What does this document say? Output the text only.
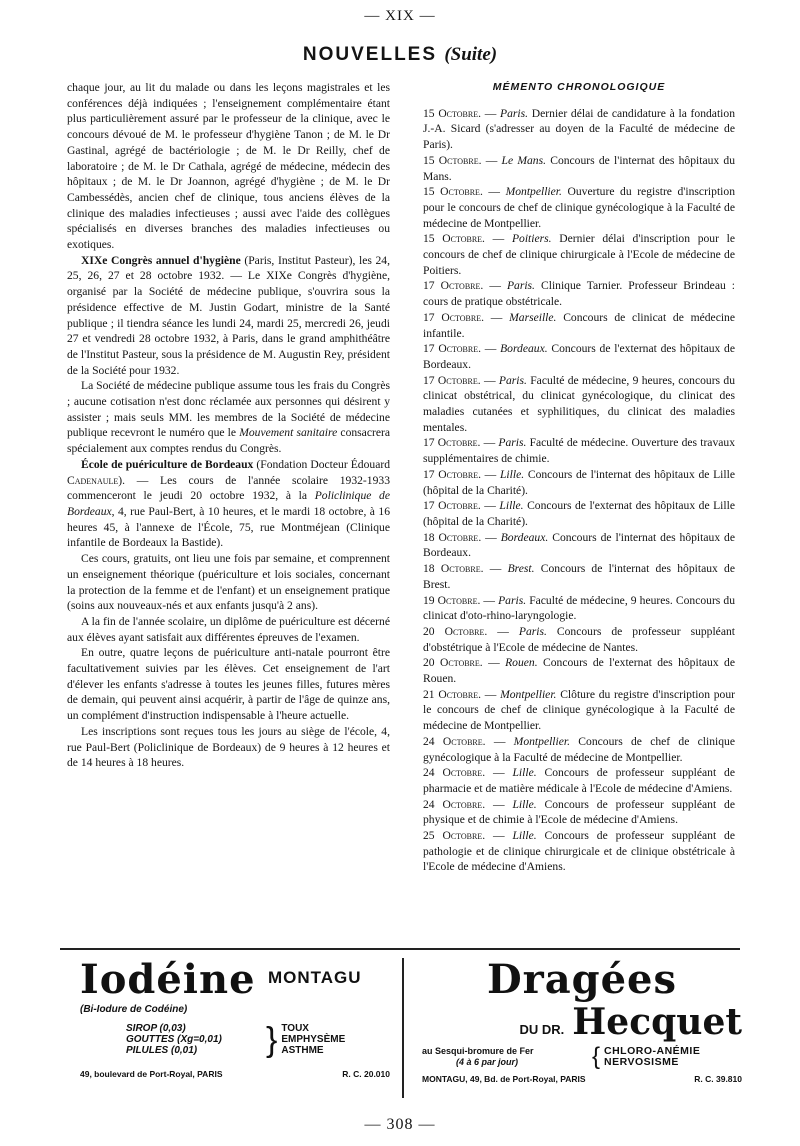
— XIX —
NOUVELLES (Suite)

chaque jour, au lit du malade ou dans les leçons magistrales et les conférences déjà indiquées ; l'enseignement complémentaire étant plus particulièrement assuré par le professeur de la clinique, avec le concours dévoué de M. le professeur d'hygiène Tanon ; de M. le Dr Gastinal, agrégé de bactériologie ; de M. le Dr Reilly, chef de laboratoire ; de M. le Dr Cathala, agrégé de médecine, médecin des hôpitaux ; de M. le Dr Joannon, agrégé d'hygiène ; de M. le Dr Cambessédès, ancien chef de clinique, tous anciens élèves de la clinique des maladies infectieuses ; aussi avec l'aide des collègues spécialisés en diverses branches des maladies infectieuses ou exotiques.

XIXe Congrès annuel d'hygiène (Paris, Institut Pasteur), les 24, 25, 26, 27 et 28 octobre 1932. — Le XIXe Congrès d'hygiène, organisé par la Société de médecine publique, s'ouvrira sous la présidence effective de M. Justin Godart, ministre de la Santé publique ; il tiendra séance les lundi 24, mardi 25, mercredi 26, jeudi 27 et vendredi 28 octobre 1932, à Paris, dans le grand amphithéâtre de l'Institut Pasteur, sous la présidence de M. Augustin Rey, président de la Société pour 1932.

La Société de médecine publique assume tous les frais du Congrès ; aucune cotisation n'est donc réclamée aux personnes qui désirent y assister ; mais seuls MM. les membres de la Société de médecine publique recevront le numéro que le Mouvement sanitaire consacrera spécialement aux comptes rendus du Congrès.

École de puériculture de Bordeaux (Fondation Docteur Édouard Cadenaule). — Les cours de l'année scolaire 1932-1933 commenceront le jeudi 20 octobre 1932, à la Policlinique de Bordeaux, 4, rue Paul-Bert, à 10 heures, et le mardi 18 octobre, à 16 heures 45, à l'annexe de l'École, 75, rue Montméjean (Clinique infantile de Bordeaux la Bastide).

Ces cours, gratuits, ont lieu une fois par semaine, et comprennent un enseignement théorique (puériculture et lois sociales, concernant la protection de la femme et de l'enfant) et un enseignement pratique (soins aux nouveaux-nés et aux enfants jusqu'à 2 ans).

A la fin de l'année scolaire, un diplôme de puériculture est décerné aux élèves ayant satisfait aux différentes épreuves de l'examen.

En outre, quatre leçons de puériculture anti-natale pourront être facultativement suivies par les élèves. Cet enseignement de l'art d'élever les enfants s'adresse à toutes les jeunes filles, futures mères de demain, qui peuvent ainsi acquérir, à partir de l'âge de quinze ans, un complément d'instruction indispensable à l'heure actuelle.

Les inscriptions sont reçues tous les jours au siège de l'école, 4, rue Paul-Bert (Policlinique de Bordeaux) de 9 heures à 12 heures et de 14 heures à 18 heures.

MÉMENTO CHRONOLOGIQUE

15 Octobre. — Paris. Dernier délai de candidature à la fondation J.-A. Sicard (s'adresser au doyen de la Faculté de médecine de Paris).

15 Octobre. — Le Mans. Concours de l'internat des hôpitaux du Mans.

15 Octobre. — Montpellier. Ouverture du registre d'inscription pour le concours de chef de clinique gynécologique à la Faculté de médecine de Montpellier.

15 Octobre. — Poitiers. Dernier délai d'inscription pour le concours de chef de clinique chirurgicale à l'Ecole de médecine de Poitiers.

17 Octobre. — Paris. Clinique Tarnier. Professeur Brindeau : cours de pratique obstétricale.

17 Octobre. — Marseille. Concours de clinicat de médecine infantile.

17 Octobre. — Bordeaux. Concours de l'externat des hôpitaux de Bordeaux.

17 Octobre. — Paris. Faculté de médecine, 9 heures, concours du clinicat obstétrical, du clinicat gynécologique, du clinicat des maladies cutanées et syphilitiques, du clinicat des maladies mentales.

17 Octobre. — Paris. Faculté de médecine. Ouverture des travaux supplémentaires de chimie.

17 Octobre. — Lille. Concours de l'internat des hôpitaux de Lille (hôpital de la Charité).

17 Octobre. — Lille. Concours de l'externat des hôpitaux de Lille (hôpital de la Charité).

18 Octobre. — Bordeaux. Concours de l'internat des hôpitaux de Bordeaux.

18 Octobre. — Brest. Concours de l'internat des hôpitaux de Brest.

19 Octobre. — Paris. Faculté de médecine, 9 heures. Concours du clinicat d'oto-rhino-laryngologie.

20 Octobre. — Paris. Concours de professeur suppléant d'obstétrique à l'Ecole de médecine de Nantes.

20 Octobre. — Rouen. Concours de l'externat des hôpitaux de Rouen.

21 Octobre. — Montpellier. Clôture du registre d'inscription pour le concours de chef de clinique gynécologique à la Faculté de médecine de Montpellier.

24 Octobre. — Montpellier. Concours de chef de clinique gynécologique à la Faculté de médecine de Montpellier.

24 Octobre. — Lille. Concours de professeur suppléant de pharmacie et de matière médicale à l'Ecole de médecine d'Amiens.

24 Octobre. — Lille. Concours de professeur suppléant de physique et de chimie à l'Ecole de médecine d'Amiens.

25 Octobre. — Lille. Concours de professeur suppléant de pathologie et de clinique chirurgicale et de clinique obstétricale à l'Ecole de médecine d'Amiens.

Iodéine MONTAGU
(Bi-Iodure de Codéine)
SIROP (0,03)
GOUTTES (Xg=0,01)
PILULES (0,01)	} TOUX
EMPHYSÈME
ASTHME
49, boulevard de Port-Royal, PARIS	R. C. 20.010
Dragées
DU DR. Hecquet
au Sesqui-bromure de Fer
(4 à 6 par jour)	{ CHLORO-ANÉMIE
NERVOSISME
MONTAGU, 49, Bd. de Port-Royal, PARIS	R. C. 39.810
— 308 —
